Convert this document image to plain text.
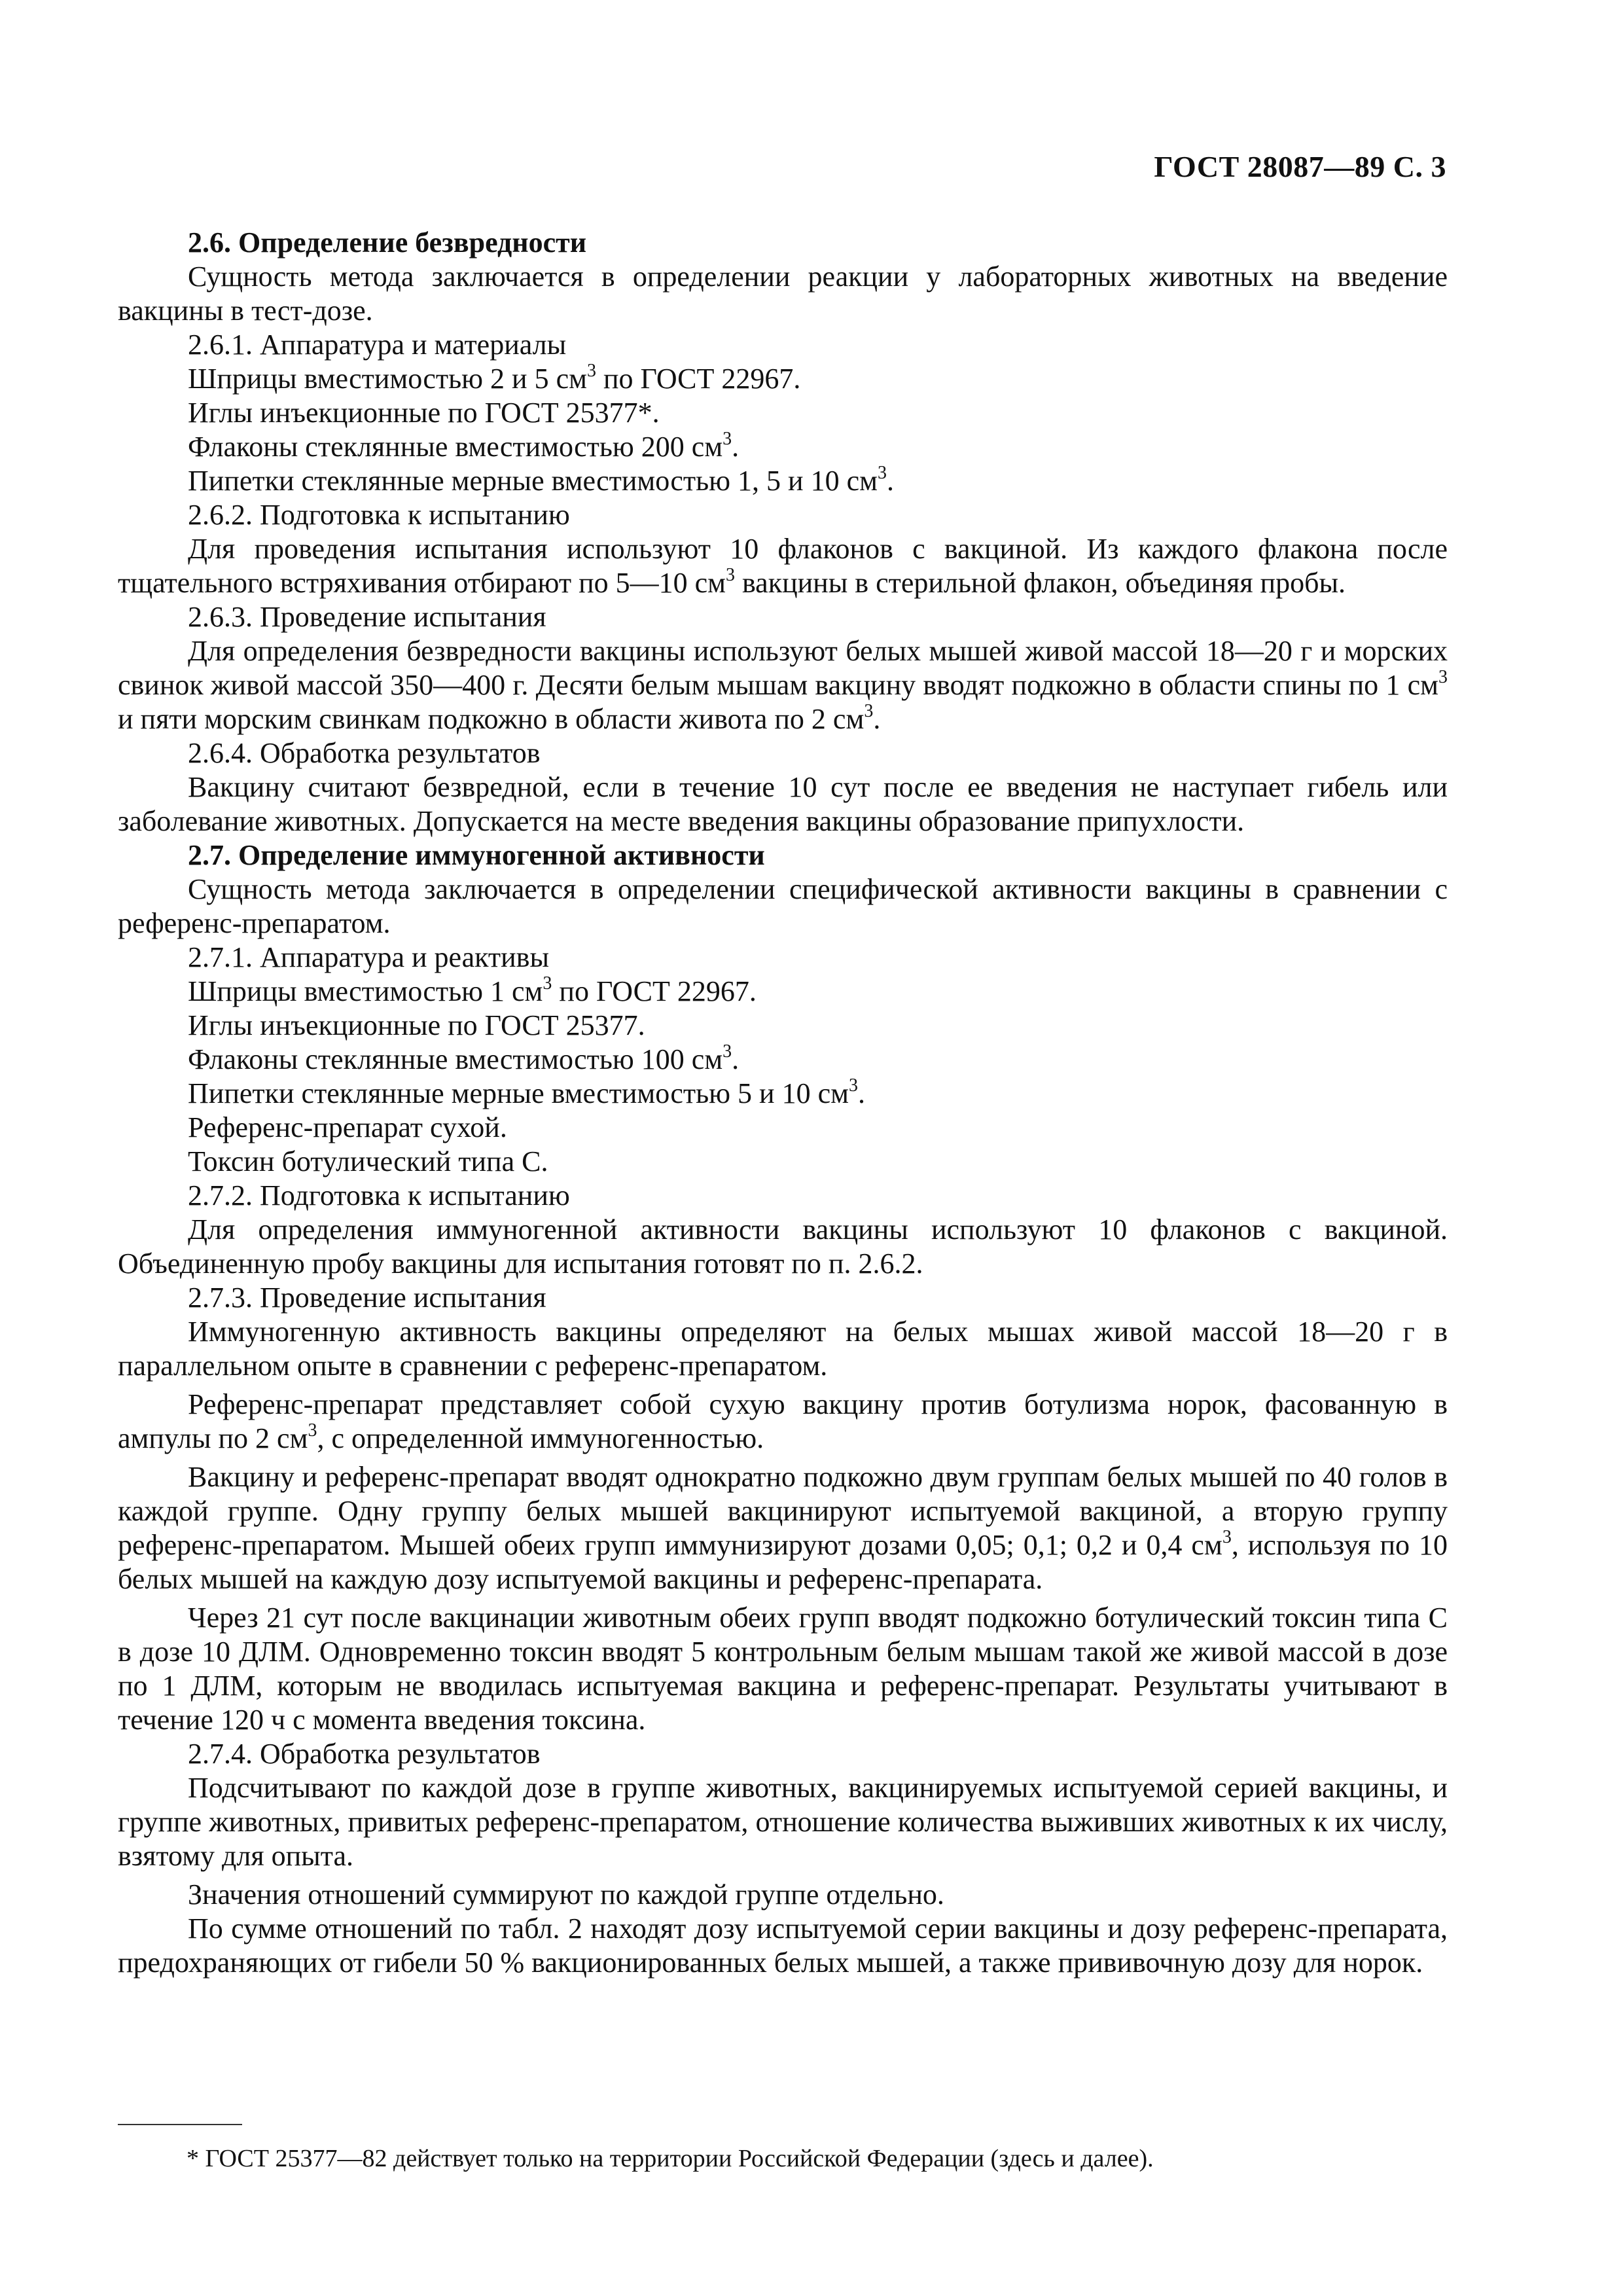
ГОСТ 28087—89 С. 3

2.6. Определение безвредности

Сущность метода заключается в определении реакции у лабораторных животных на введение вакцины в тест-дозе.

2.6.1. Аппаратура и материалы

Шприцы вместимостью 2 и 5 $см^3$ по ГОСТ 22967.

Иглы инъекционные по ГОСТ 25377*.

Флаконы стеклянные вместимостью 200 $см^3$.

Пипетки стеклянные мерные вместимостью 1, 5 и 10 $см^3$.

2.6.2. Подготовка к испытанию

Для проведения испытания используют 10 флаконов с вакциной. Из каждого флакона после тщательного встряхивания отбирают по 5—10 $см^3$ вакцины в стерильной флакон, объединяя пробы.

2.6.3. Проведение испытания

Для определения безвредности вакцины используют белых мышей живой массой 18—20 г и морских свинок живой массой 350—400 г. Десяти белым мышам вакцину вводят подкожно в области спины по 1 $см^3$ и пяти морским свинкам подкожно в области живота по 2 $см^3$.

2.6.4. Обработка результатов

Вакцину считают безвредной, если в течение 10 сут после ее введения не наступает гибель или заболевание животных. Допускается на месте введения вакцины образование припухлости.

2.7. Определение иммуногенной активности

Сущность метода заключается в определении специфической активности вакцины в сравнении с референс-препаратом.

2.7.1. Аппаратура и реактивы

Шприцы вместимостью 1 $см^3$ по ГОСТ 22967.

Иглы инъекционные по ГОСТ 25377.

Флаконы стеклянные вместимостью 100 $см^3$.

Пипетки стеклянные мерные вместимостью 5 и 10 $см^3$.

Референс-препарат сухой.

Токсин ботулический типа С.

2.7.2. Подготовка к испытанию

Для определения иммуногенной активности вакцины используют 10 флаконов с вакциной. Объединенную пробу вакцины для испытания готовят по п. 2.6.2.

2.7.3. Проведение испытания

Иммуногенную активность вакцины определяют на белых мышах живой массой 18—20 г в параллельном опыте в сравнении с референс-препаратом.

Референс-препарат представляет собой сухую вакцину против ботулизма норок, фасованную в ампулы по 2 $см^3$, с определенной иммуногенностью.

Вакцину и референс-препарат вводят однократно подкожно двум группам белых мышей по 40 голов в каждой группе. Одну группу белых мышей вакцинируют испытуемой вакциной, а вторую группу референс-препаратом. Мышей обеих групп иммунизируют дозами 0,05; 0,1; 0,2 и 0,4 $см^3$, используя по 10 белых мышей на каждую дозу испытуемой вакцины и референс-препарата.

Через 21 сут после вакцинации животным обеих групп вводят подкожно ботулический токсин типа С в дозе 10 ДЛМ. Одновременно токсин вводят 5 контрольным белым мышам такой же живой массой в дозе по 1 ДЛМ, которым не вводилась испытуемая вакцина и референс-препарат. Результаты учитывают в течение 120 ч с момента введения токсина.

2.7.4. Обработка результатов

Подсчитывают по каждой дозе в группе животных, вакцинируемых испытуемой серией вакцины, и группе животных, привитых референс-препаратом, отношение количества выживших животных к их числу, взятому для опыта.

Значения отношений суммируют по каждой группе отдельно.

По сумме отношений по табл. 2 находят дозу испытуемой серии вакцины и дозу референс-препарата, предохраняющих от гибели 50 % вакционированных белых мышей, а также прививочную дозу для норок.

* ГОСТ 25377—82 действует только на территории Российской Федерации (здесь и далее).
